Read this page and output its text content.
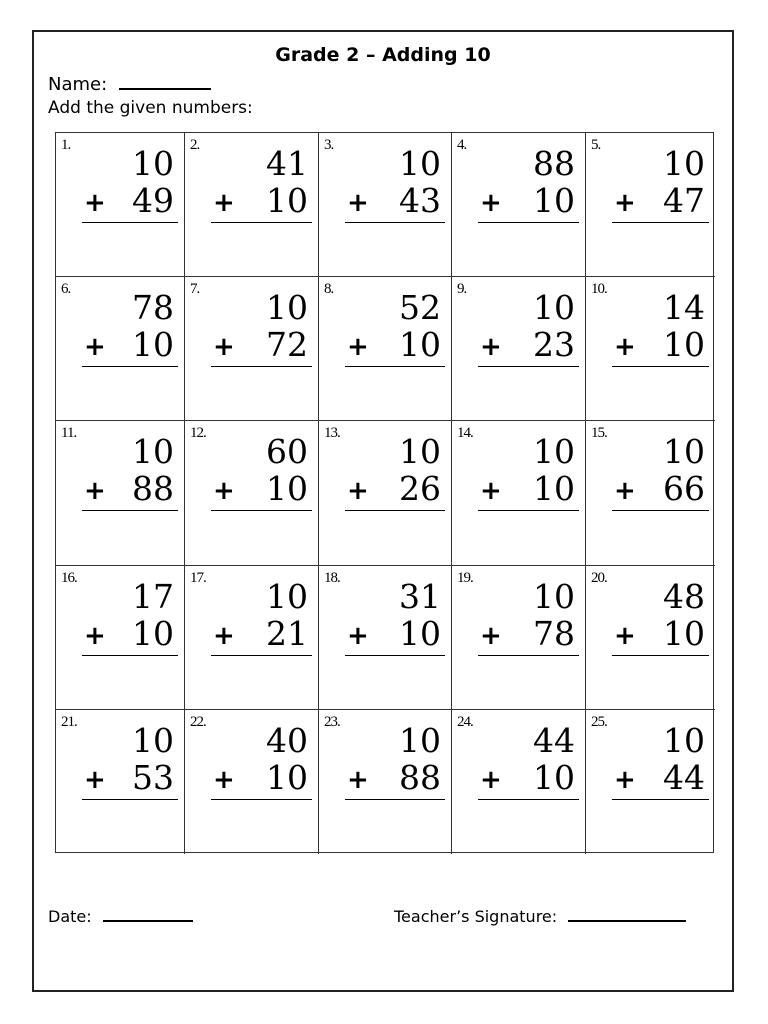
Grade 2 – Adding 10
Name:
Add the given numbers:
1. 10
+ 49
2. 41
+ 10
3. 10
+ 43
4. 88
+ 10
5. 10
+ 47
6. 78
+ 10
7. 10
+ 72
8. 52
+ 10
9. 10
+ 23
10. 14
+ 10
11. 10
+ 88
12. 60
+ 10
13. 10
+ 26
14. 10
+ 10
15. 10
+ 66
16. 17
+ 10
17. 10
+ 21
18. 31
+ 10
19. 10
+ 78
20. 48
+ 10
21. 10
+ 53
22. 40
+ 10
23. 10
+ 88
24. 44
+ 10
25. 10
+ 44
Date:	Teacher’s Signature:
